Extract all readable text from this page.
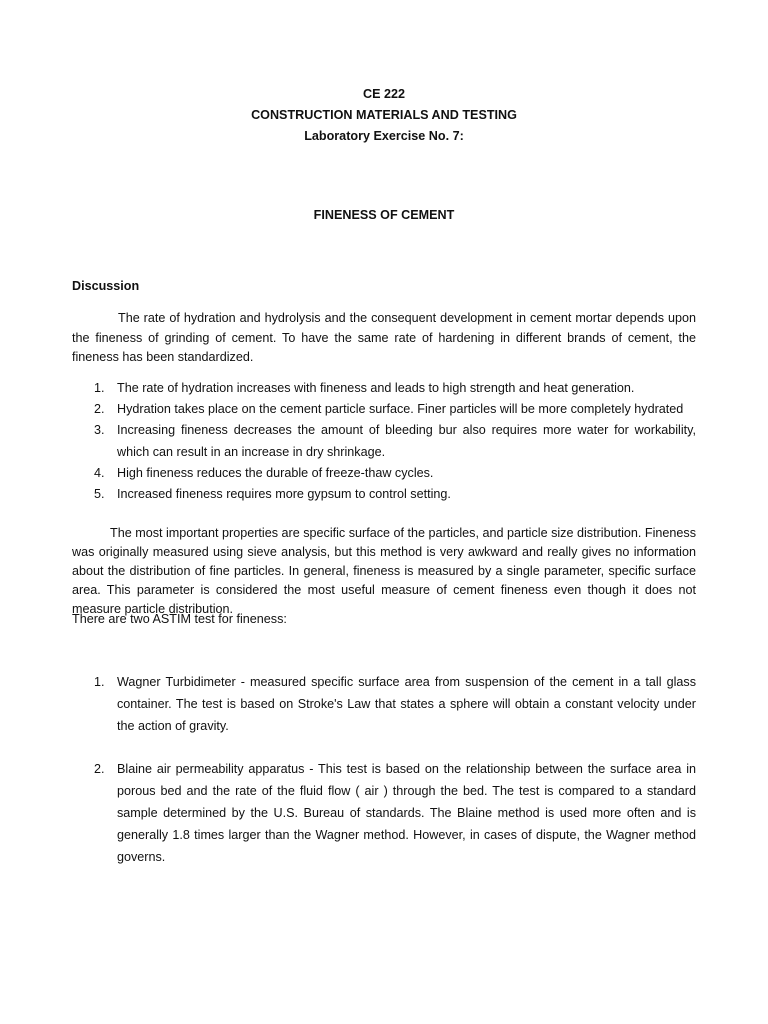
CE 222
CONSTRUCTION MATERIALS AND TESTING
Laboratory Exercise No. 7:
FINENESS OF CEMENT
Discussion

The rate of hydration and hydrolysis and the consequent development in cement mortar depends upon the fineness of grinding of cement. To have the same rate of hardening in different brands of cement, the fineness has been standardized.

1. The rate of hydration increases with fineness and leads to high strength and heat generation.
2. Hydration takes place on the cement particle surface. Finer particles will be more completely hydrated
3. Increasing fineness decreases the amount of bleeding bur also requires more water for workability, which can result in an increase in dry shrinkage.
4. High fineness reduces the durable of freeze-thaw cycles.
5. Increased fineness requires more gypsum to control setting.

The most important properties are specific surface of the particles, and particle size distribution. Fineness was originally measured using sieve analysis, but this method is very awkward and really gives no information about the distribution of fine particles. In general, fineness is measured by a single parameter, specific surface area. This parameter is considered the most useful measure of cement fineness even though it does not measure particle distribution.

There are two ASTIM test for fineness:

1. Wagner Turbidimeter - measured specific surface area from suspension of the cement in a tall glass container. The test is based on Stroke's Law that states a sphere will obtain a constant velocity under the action of gravity.
2. Blaine air permeability apparatus - This test is based on the relationship between the surface area in porous bed and the rate of the fluid flow ( air ) through the bed. The test is compared to a standard sample determined by the U.S. Bureau of standards. The Blaine method is used more often and is generally 1.8 times larger than the Wagner method. However, in cases of dispute, the Wagner method governs.
